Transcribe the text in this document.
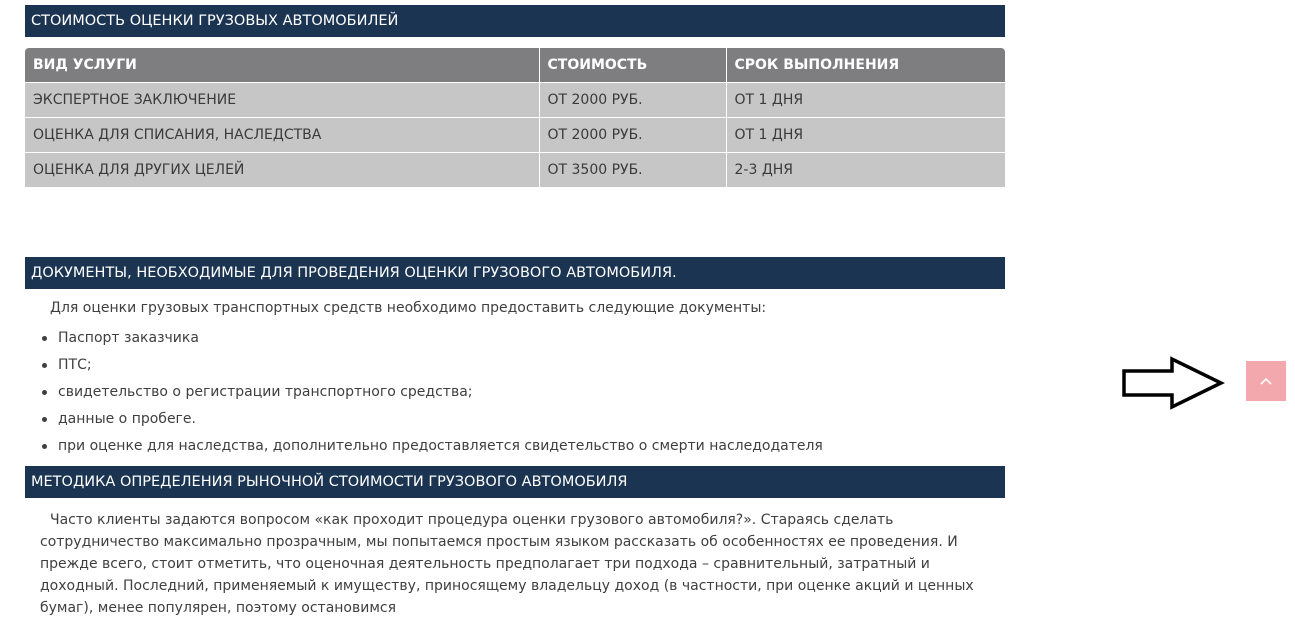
СТОИМОСТЬ ОЦЕНКИ ГРУЗОВЫХ АВТОМОБИЛЕЙ
ВИД УСЛУГИ	СТОИМОСТЬ	СРОК ВЫПОЛНЕНИЯ
ЭКСПЕРТНОЕ ЗАКЛЮЧЕНИЕ	ОТ 2000 РУБ.	ОТ 1 ДНЯ
ОЦЕНКА ДЛЯ СПИСАНИЯ, НАСЛЕДСТВА	ОТ 2000 РУБ.	ОТ 1 ДНЯ
ОЦЕНКА ДЛЯ ДРУГИХ ЦЕЛЕЙ	ОТ 3500 РУБ.	2-3 ДНЯ
ДОКУМЕНТЫ, НЕОБХОДИМЫЕ ДЛЯ ПРОВЕДЕНИЯ ОЦЕНКИ ГРУЗОВОГО АВТОМОБИЛЯ.
Для оценки грузовых транспортных средств необходимо предоставить следующие документы:
Паспорт заказчика
ПТС;
свидетельство о регистрации транспортного средства;
данные о пробеге.
при оценке для наследства, дополнительно предоставляется свидетельство о смерти наследодателя
МЕТОДИКА ОПРЕДЕЛЕНИЯ РЫНОЧНОЙ СТОИМОСТИ ГРУЗОВОГО АВТОМОБИЛЯ

Часто клиенты задаются вопросом «как проходит процедура оценки грузового автомобиля?». Стараясь сделать сотрудничество максимально прозрачным, мы попытаемся простым языком рассказать об особенностях ее проведения. И прежде всего, стоит отметить, что оценочная деятельность предполагает три подхода – сравнительный, затратный и доходный. Последний, применяемый к имуществу, приносящему владельцу доход (в частности, при оценке акций и ценных бумаг), менее популярен, поэтому остановимся
